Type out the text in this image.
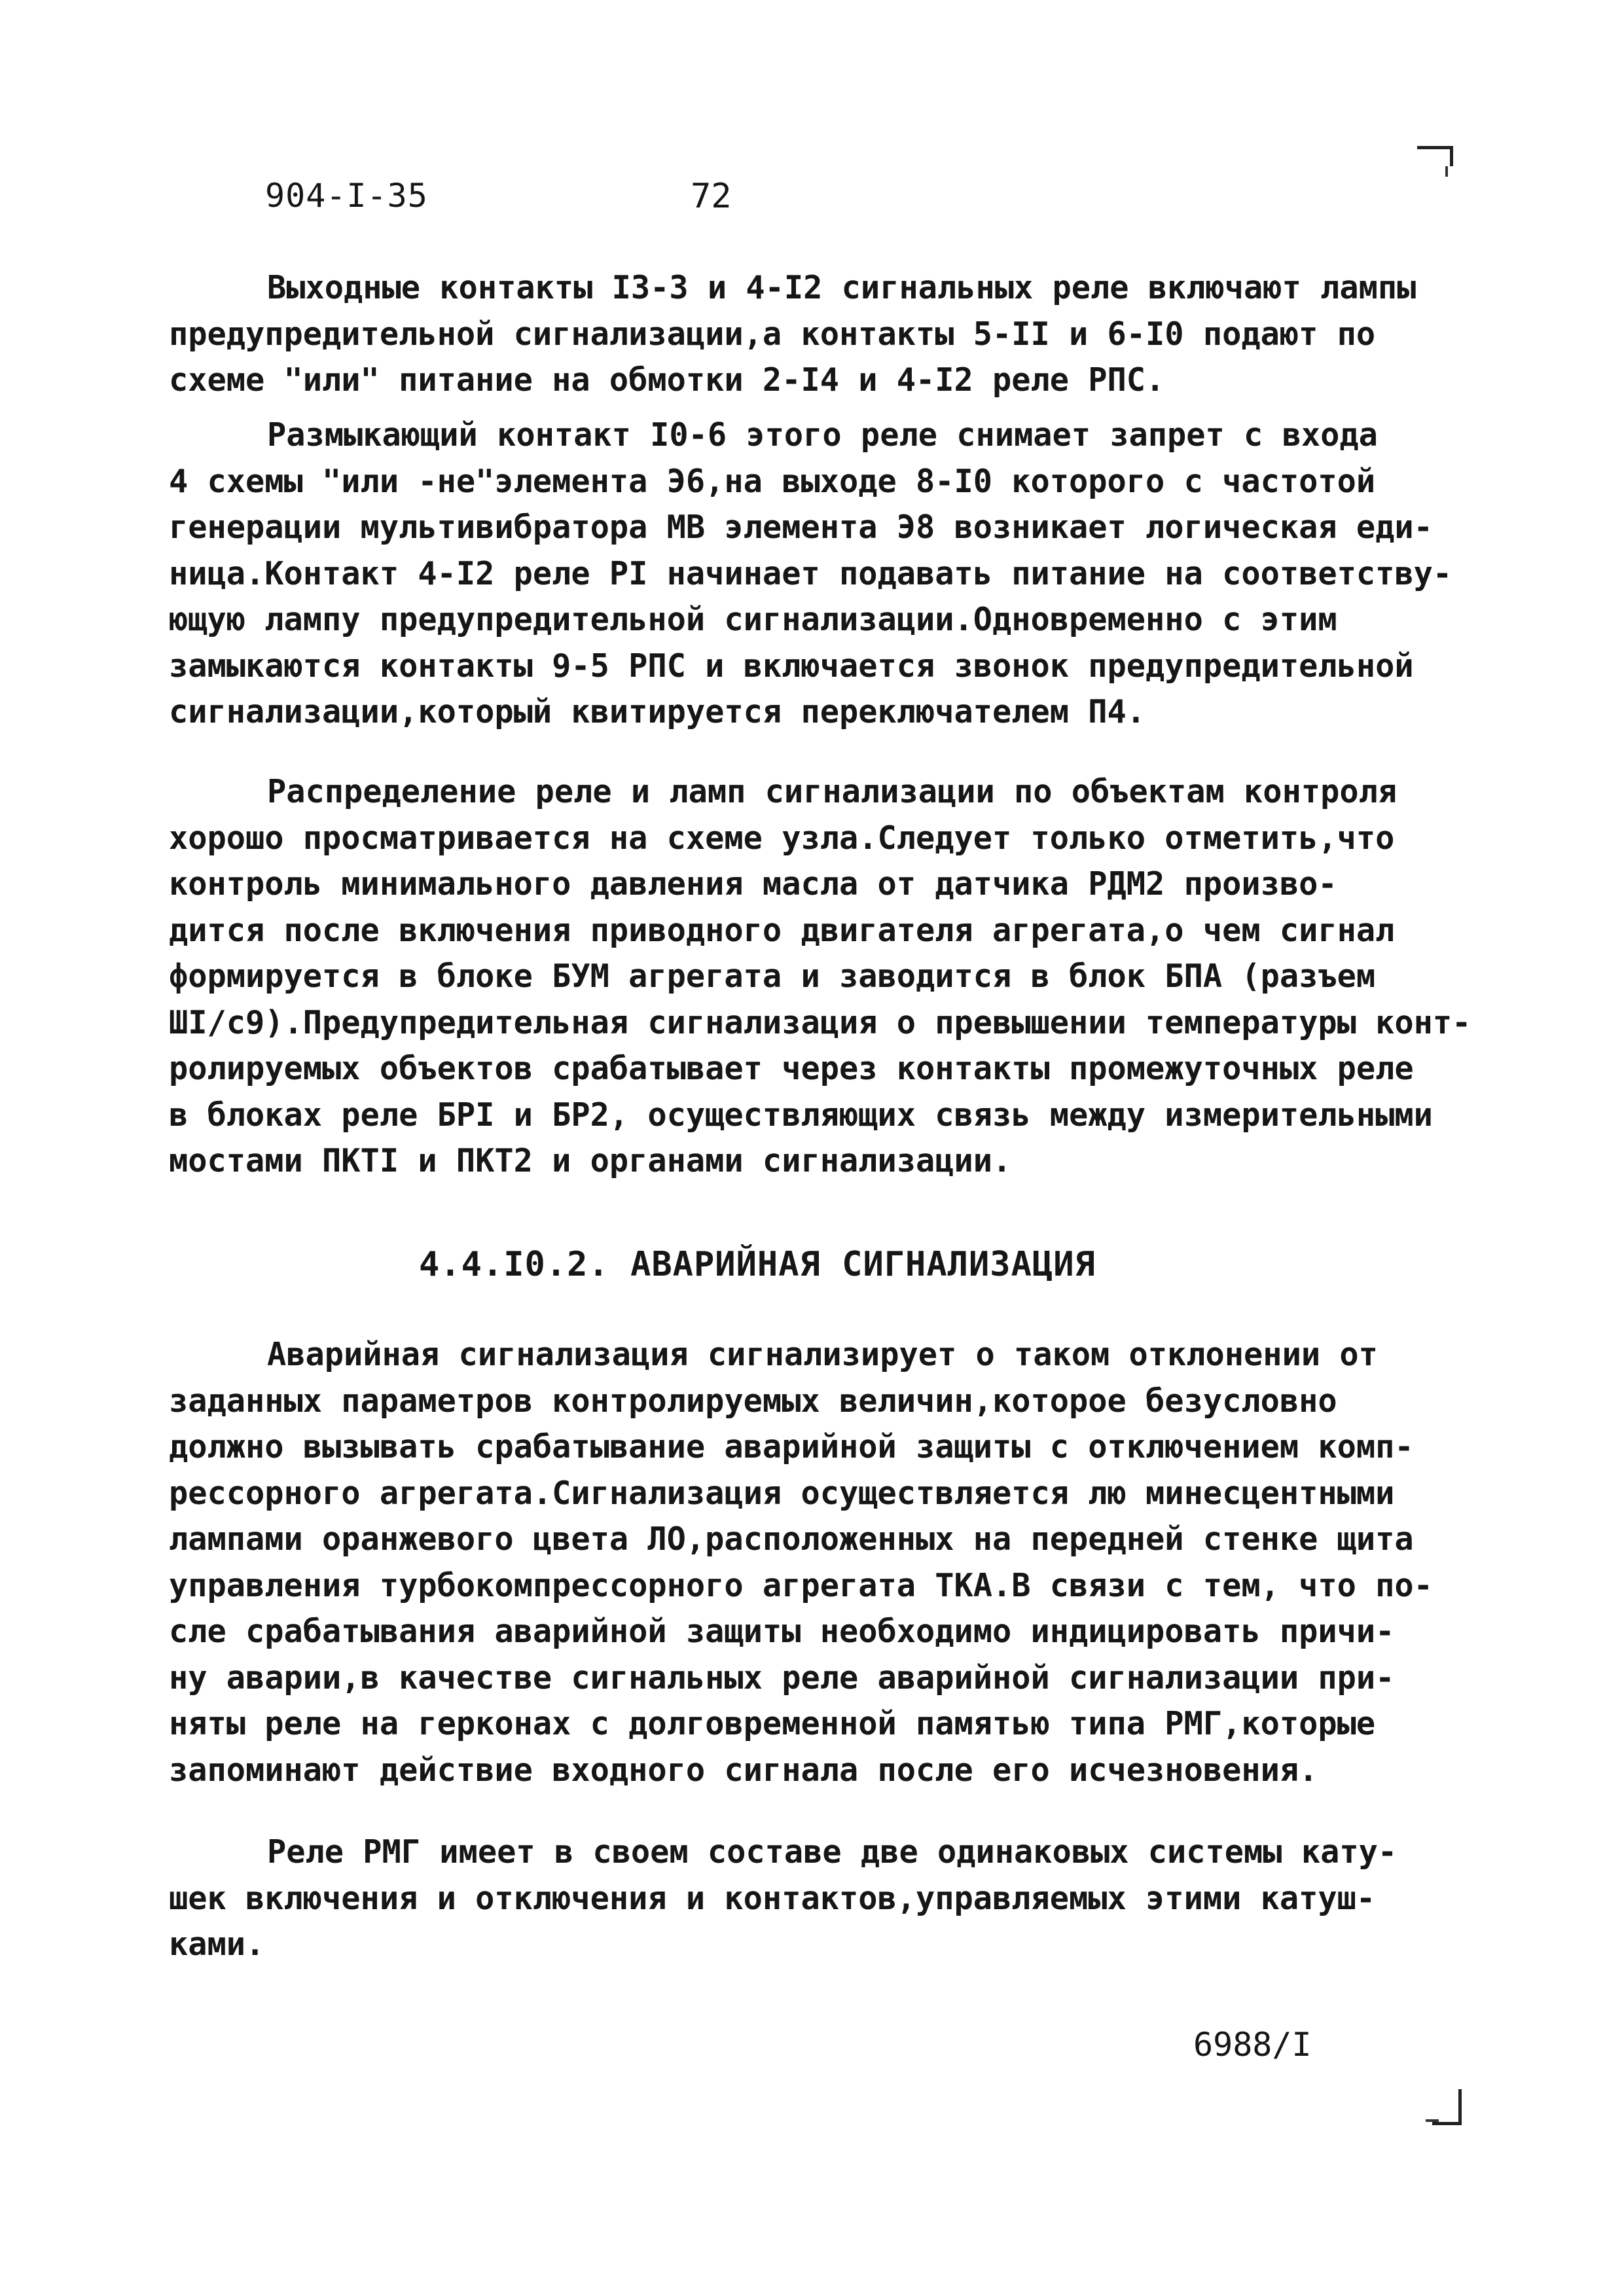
904-I-35	72
Выходные контакты I3-3 и 4-I2 сигнальных реле включают лампы
предупредительной сигнализации,а контакты 5-II и 6-I0 подают по
схеме "или" питание на обмотки 2-I4 и 4-I2 реле РПС.
Размыкающий контакт I0-6 этого реле снимает запрет с входа
4 схемы "или -не"элемента Э6,на выходе 8-I0 которого с частотой
генерации мультивибратора МВ элемента Э8 возникает логическая еди-
ница.Контакт 4-I2 реле PI начинает подавать питание на соответству-
ющую лампу предупредительной сигнализации.Одновременно с этим
замыкаются контакты 9-5 РПС и включается звонок предупредительной
сигнализации,который квитируется переключателем П4.
Распределение реле и ламп сигнализации по объектам контроля
хорошо просматривается на схеме узла.Следует только отметить,что
контроль минимального давления масла от датчика РДМ2 произво-
дится после включения приводного двигателя агрегата,о чем сигнал
формируется в блоке БУМ агрегата и заводится в блок БПА (разъем
ШI/c9).Предупредительная сигнализация о превышении температуры конт-
ролируемых объектов срабатывает через контакты промежуточных реле
в блоках реле БРI и БР2, осуществляющих связь между измерительными
мостами ПКТI и ПКТ2 и органами сигнализации.
4.4.I0.2. АВАРИЙНАЯ СИГНАЛИЗАЦИЯ
Аварийная сигнализация сигнализирует о таком отклонении от
заданных параметров контролируемых величин,которое безусловно
должно вызывать срабатывание аварийной защиты с отключением комп-
рессорного агрегата.Сигнализация осуществляется лю минесцентными
лампами оранжевого цвета ЛО,расположенных на передней стенке щита
управления турбокомпрессорного агрегата ТКА.В связи с тем, что по-
сле срабатывания аварийной защиты необходимо индицировать причи-
ну аварии,в качестве сигнальных реле аварийной сигнализации при-
няты реле на герконах с долговременной памятью типа РМГ,которые
запоминают действие входного сигнала после его исчезновения.
Реле РМГ имеет в своем составе две одинаковых системы кату-
шек включения и отключения и контактов,управляемых этими катуш-
ками.
6988/I
